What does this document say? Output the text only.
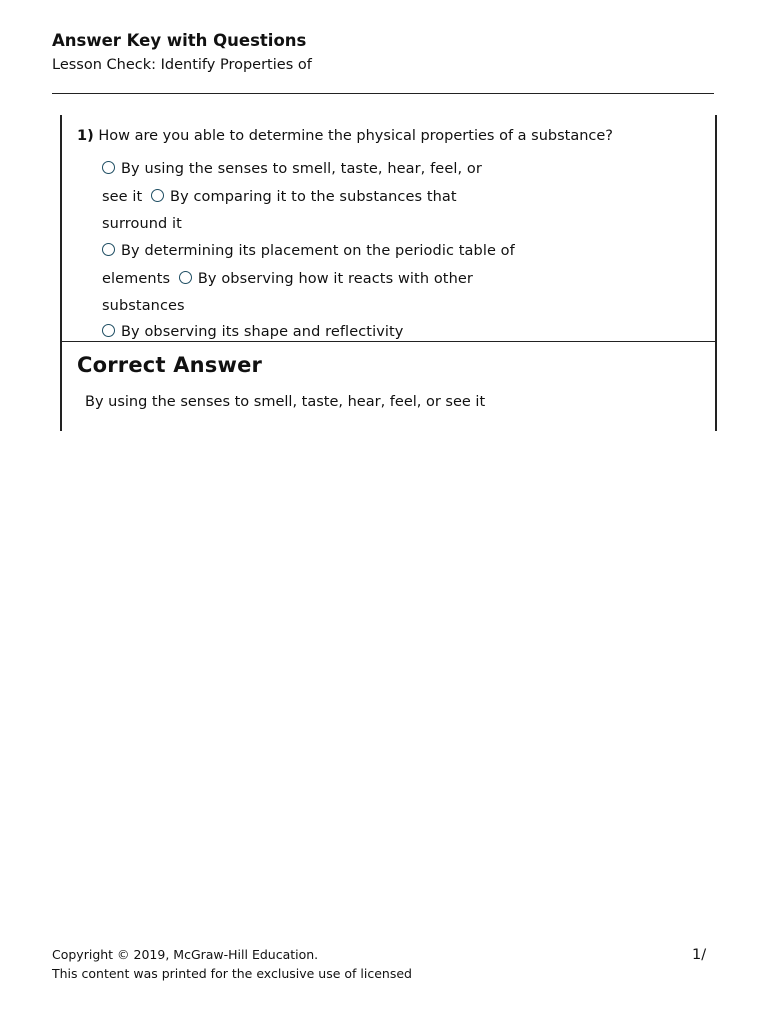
Answer Key with Questions
Lesson Check: Identify Properties of
1) How are you able to determine the physical properties of a substance?
By using the senses to smell, taste, hear, feel, or
see it By comparing it to the substances that
surround it
By determining its placement on the periodic table of
elements By observing how it reacts with other
substances
By observing its shape and reflectivity
Correct Answer
By using the senses to smell, taste, hear, feel, or see it
Copyright © 2019, McGraw-Hill Education.
This content was printed for the exclusive use of licensed
1/
